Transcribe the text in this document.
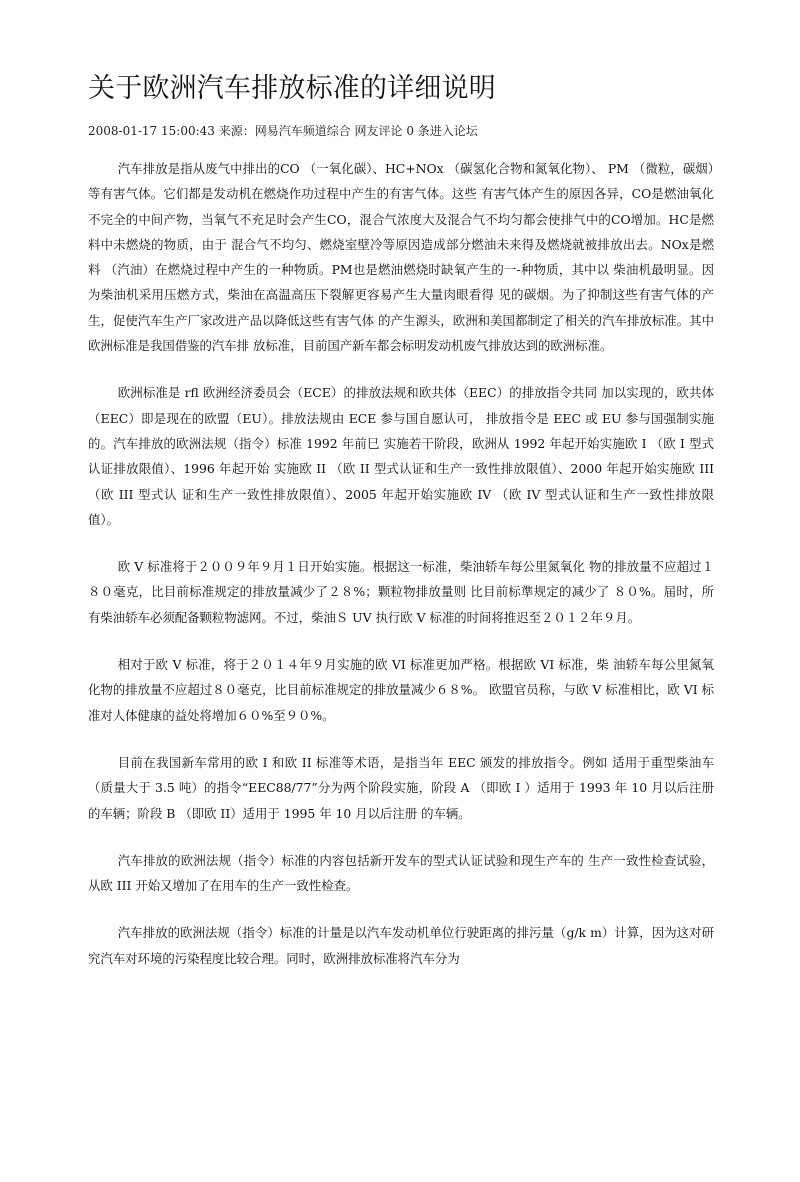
关于欧洲汽车排放标准的详细说明
2008-01-17 15:00:43 来源：网易汽车频道综合 网友评论 0 条进入论坛

汽车排放是指从废气中排出的CO （一氧化碳）、HC+NOx （碳氢化合物和氮氧化物）、 PM （微粒，碳烟）等有害气体。它们都是发动机在燃烧作功过程中产生的有害气体。这些 有害气体产生的原因各异，CO是燃油氧化不完全的中间产物，当氧气不充足时会产生CO，混合气浓度大及混合气不均匀都会使排气中的CO增加。HC是燃料中未燃烧的物质，由于 混合气不均匀、燃烧室壁冷等原因造成部分燃油未来得及燃烧就被排放出去。NOx是燃料 （汽油）在燃烧过程中产生的一种物质。PM也是燃油燃烧时缺氧产生的一-种物质，其中以 柴油机最明显。因为柴油机采用压燃方式，柴油在高温高压下裂解更容易产生大量肉眼看得 见的碳烟。为了抑制这些有害气体的产生，促使汽车生产厂家改进产品以降低这些有害气体 的产生源头，欧洲和美国都制定了相关的汽车排放标准。其中欧洲标准是我国借鉴的汽车排 放标准，目前国产新车都会标明发动机废气排放达到的欧洲标准。

欧洲标准是 rfl 欧洲经济委员会（ECE）的排放法规和欧共体（EEC）的排放指令共同 加以实现的，欧共体（EEC）即是现在的欧盟（EU）。排放法规由 ECE 参与国自愿认可， 排放指令是 EEC 或 EU 参与国强制实施的。汽车排放的欧洲法规（指令）标准 1992 年前巳 实施若干阶段，欧洲从 1992 年起开始实施欧 I （欧 I 型式认证排放限值）、1996 年起开始 实施欧 II （欧 II 型式认证和生产一致性排放限值）、2000 年起开始实施欧 III （欧 III 型式认 证和生产一致性排放限值）、2005 年起开始实施欧 IV （欧 IV 型式认证和生产一致性排放限 值）。

欧 V 标准将于２００９年９月１日开始实施。根据这一标准，柴油轿车每公里氮氧化 物的排放量不应超过１８０毫克，比目前标准规定的排放量减少了２８%；颗粒物排放量则 比目前标準规定的减少了 ８０%。届时，所有柴油轿车必须配备颗粒物滤网。不过，柴油Ｓ UV 执行欧 V 标准的时间将推迟至２０１２年９月。

相对于欧 V 标准，将于２０１４年９月实施的欧 VI 标准更加严格。根据欧 VI 标准，柴 油轿车每公里氮氧化物的排放量不应超过８０毫克，比目前标准规定的排放量减少６８%。 欧盟官员称，与欧 V 标准相比，欧 VI 标准对人体健康的益处将增加６０%至９０%。

目前在我国新车常用的欧 I 和欧 II 标准等术语，是指当年 EEC 颁发的排放指令。例如 适用于重型柴油车（质量大于 3.5 吨）的指令“EEC88/77”分为两个阶段实施，阶段 A （即欧 I ）适用于 1993 年 10 月以后注册的车辆；阶段 B （即欧 II）适用于 1995 年 10 月以后注册 的车辆。

汽车排放的欧洲法规（指令）标准的内容包括新开发车的型式认证试验和现生产车的 生产一致性检查试验，从欧 III 开始又增加了在用车的生产一致性检查。

汽车排放的欧洲法规（指令）标准的计量是以汽车发动机单位行驶距离的排污量（g/k m）计算，因为这对研究汽车对环境的污染程度比较合理。同时，欧洲排放标准将汽车分为
